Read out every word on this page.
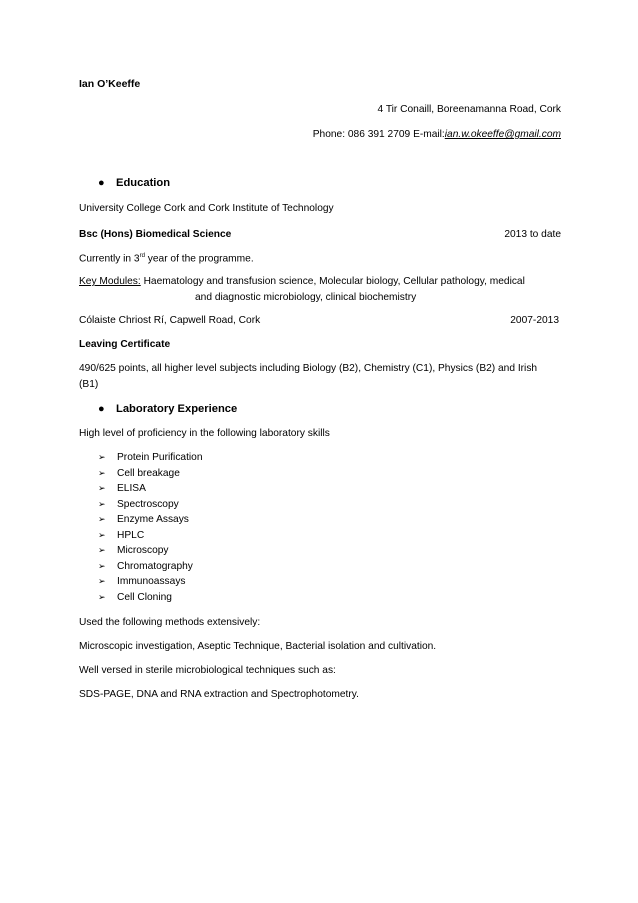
Ian O’Keeffe
4 Tir Conaill, Boreenamanna Road, Cork
Phone: 086 391 2709 E-mail:ian.w.okeeffe@gmail.com
● Education
University College Cork and Cork Institute of Technology
Bsc (Hons) Biomedical Science	2013 to date
Currently in 3rd year of the programme.
Key Modules: Haematology and transfusion science, Molecular biology, Cellular pathology, medical
and diagnostic microbiology, clinical biochemistry
Cólaiste Chriost Rí, Capwell Road, Cork	2007-2013
Leaving Certificate
490/625 points, all higher level subjects including Biology (B2), Chemistry (C1), Physics (B2) and Irish
(B1)
● Laboratory Experience
High level of proficiency in the following laboratory skills
➢ Protein Purification
➢ Cell breakage
➢ ELISA
➢ Spectroscopy
➢ Enzyme Assays
➢ HPLC
➢ Microscopy
➢ Chromatography
➢ Immunoassays
➢ Cell Cloning
Used the following methods extensively:
Microscopic investigation, Aseptic Technique, Bacterial isolation and cultivation.
Well versed in sterile microbiological techniques such as:
SDS-PAGE, DNA and RNA extraction and Spectrophotometry.
